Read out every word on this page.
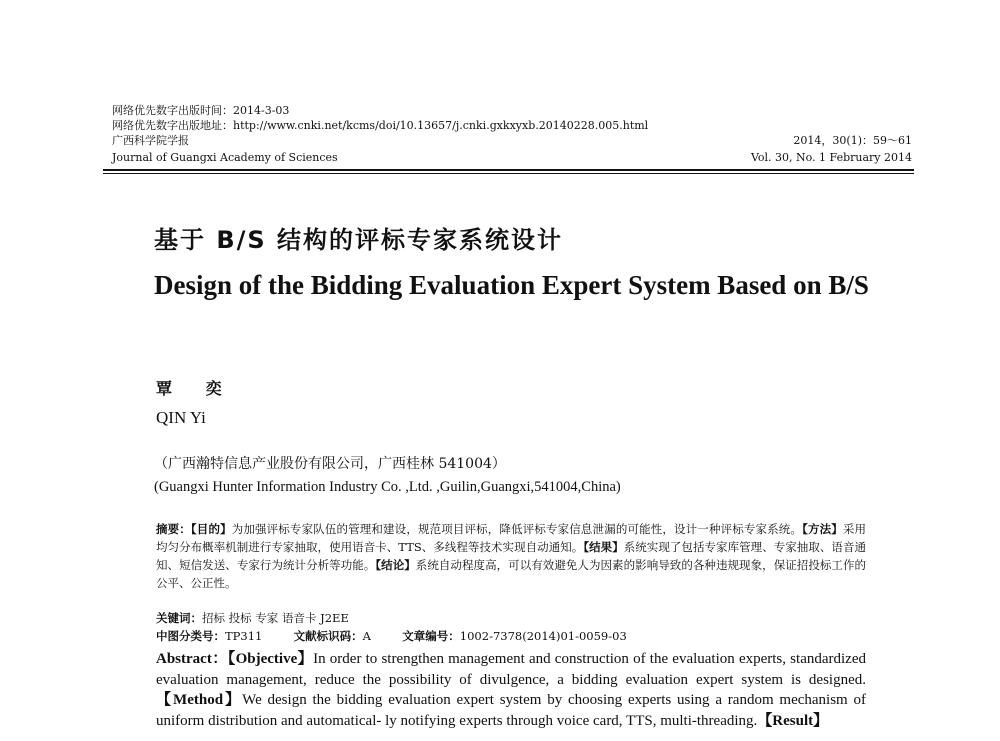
网络优先数字出版时间：2014-3-03
网络优先数字出版地址：http://www.cnki.net/kcms/doi/10.13657/j.cnki.gxkxyxb.20140228.005.html
广西科学院学报	2014，30(1)：59～61
Journal of Guangxi Academy of Sciences	Vol. 30, No. 1 February 2014
基于 B/S 结构的评标专家系统设计
Design of the Bidding Evaluation Expert System Based on B/S
覃 奕
QIN Yi
（广西瀚特信息产业股份有限公司，广西桂林 541004）
(Guangxi Hunter Information Industry Co. ,Ltd. ,Guilin,Guangxi,541004,China)
摘要：【目的】为加强评标专家队伍的管理和建设，规范项目评标，降低评标专家信息泄漏的可能性，设计一种评标专家系统。【方法】采用均匀分布概率机制进行专家抽取，使用语音卡、TTS、多线程等技术实现自动通知。【结果】系统实现了包括专家库管理、专家抽取、语音通知、短信发送、专家行为统计分析等功能。【结论】系统自动程度高，可以有效避免人为因素的影响导致的各种违规现象，保证招投标工作的公平、公正性。
关键词：招标 投标 专家 语音卡 J2EE
中图分类号：TP311	文献标识码：A	文章编号：1002-7378(2014)01-0059-03
Abstract：【Objective】In order to strengthen management and construction of the evaluation experts, standardized evaluation management, reduce the possibility of divulgence, a bidding evaluation expert system is designed.【Method】We design the bidding evaluation expert system by choosing experts using a random mechanism of uniform distribution and automatical- ly notifying experts through voice card, TTS, multi-threading.【Result】
